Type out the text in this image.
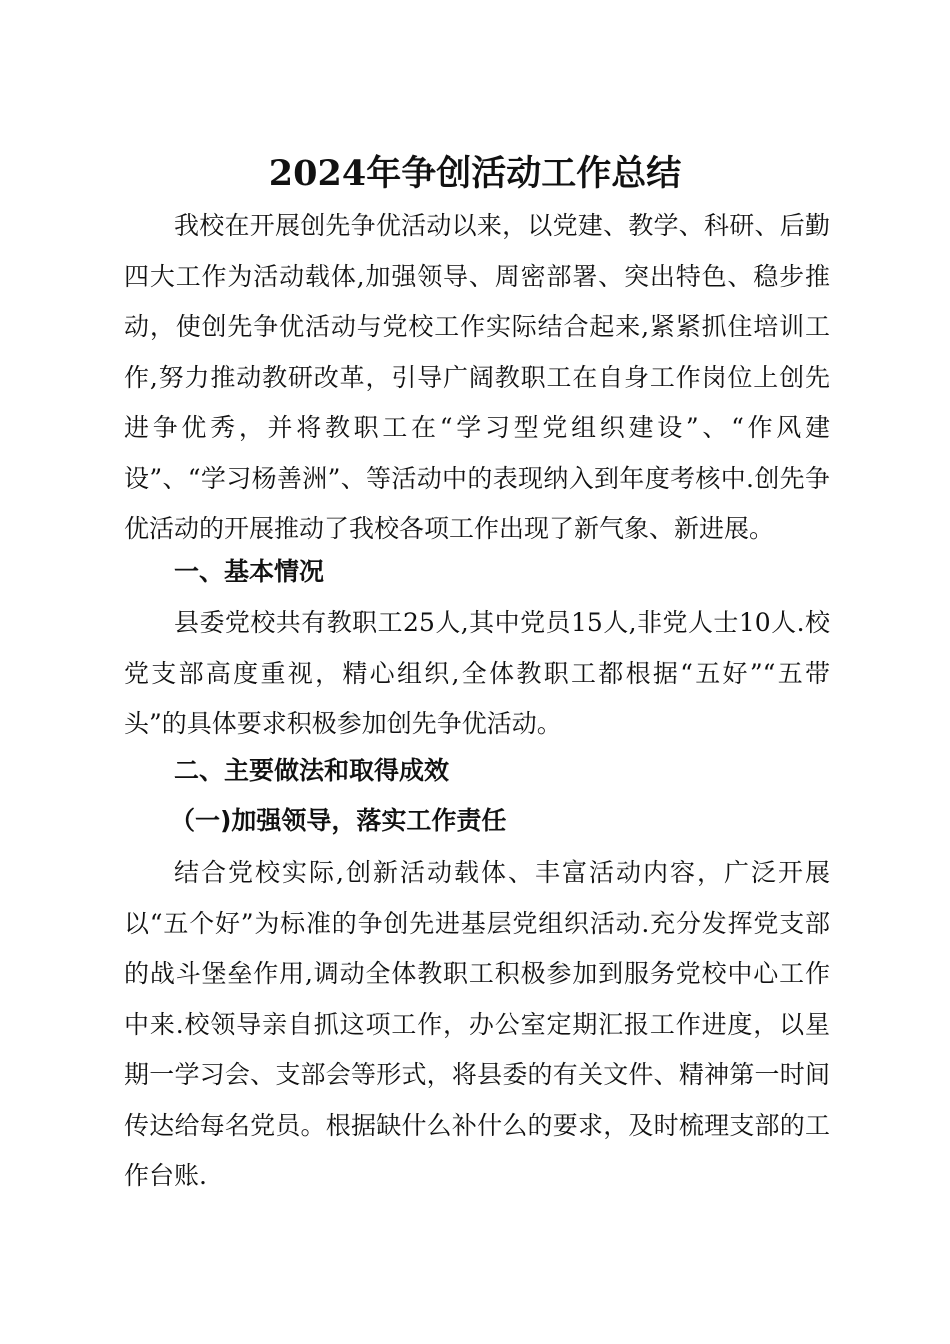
2024年争创活动工作总结

我校在开展创先争优活动以来，以党建、教学、科研、后勤四大工作为活动载体,加强领导、周密部署、突出特色、稳步推动，使创先争优活动与党校工作实际结合起来,紧紧抓住培训工作,努力推动教研改革，引导广阔教职工在自身工作岗位上创先进争优秀，并将教职工在“学习型党组织建设”、“作风建设”、“学习杨善洲”、等活动中的表现纳入到年度考核中.创先争优活动的开展推动了我校各项工作出现了新气象、新进展。

一、基本情况

县委党校共有教职工25人,其中党员15人,非党人士10人.校党支部高度重视，精心组织,全体教职工都根据“五好”“五带头”的具体要求积极参加创先争优活动。

二、主要做法和取得成效
（一)加强领导，落实工作责任

结合党校实际,创新活动载体、丰富活动内容，广泛开展以“五个好”为标准的争创先进基层党组织活动.充分发挥党支部的战斗堡垒作用,调动全体教职工积极参加到服务党校中心工作中来.校领导亲自抓这项工作，办公室定期汇报工作进度，以星期一学习会、支部会等形式，将县委的有关文件、精神第一时间传达给每名党员。根据缺什么补什么的要求，及时梳理支部的工作台账.
